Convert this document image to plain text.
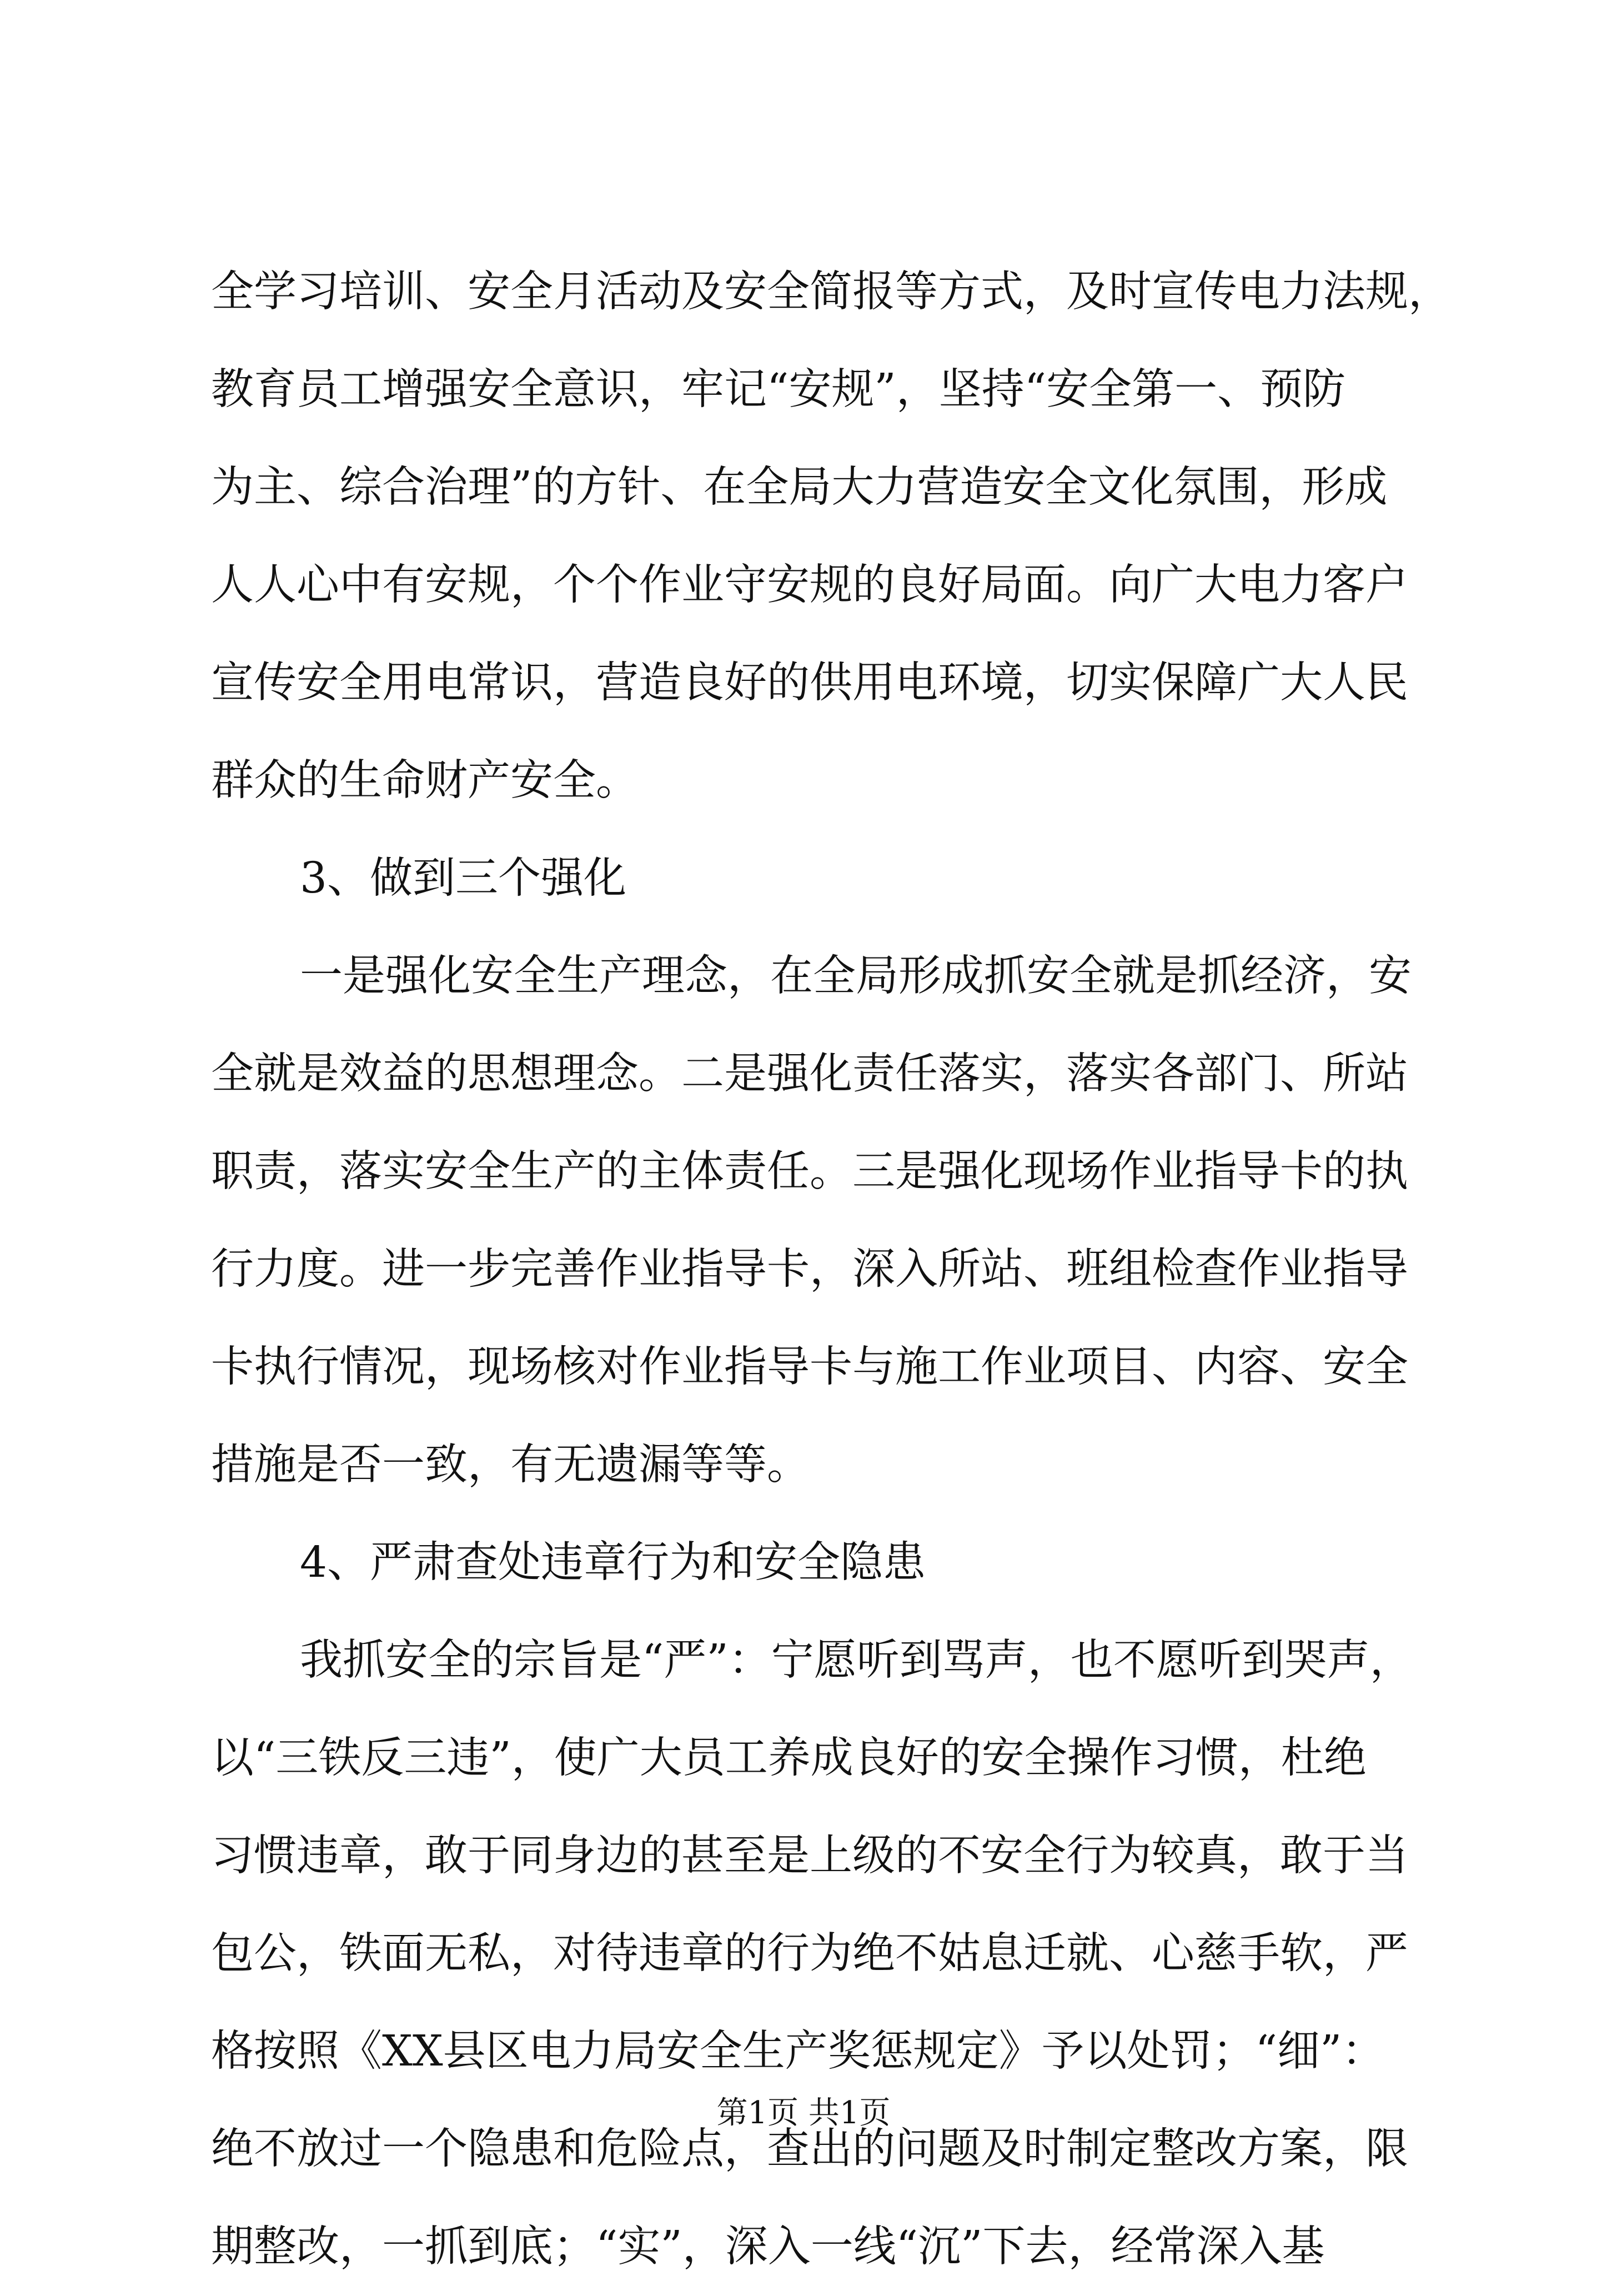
全学习培训、安全月活动及安全简报等方式，及时宣传电力法规，
教育员工增强安全意识，牢记“安规”，坚持“安全第一、预防
为主、综合治理”的方针、在全局大力营造安全文化氛围，形成
人人心中有安规，个个作业守安规的良好局面。向广大电力客户
宣传安全用电常识，营造良好的供用电环境，切实保障广大人民
群众的生命财产安全。
3、做到三个强化
一是强化安全生产理念，在全局形成抓安全就是抓经济，安
全就是效益的思想理念。二是强化责任落实，落实各部门、所站
职责，落实安全生产的主体责任。三是强化现场作业指导卡的执
行力度。进一步完善作业指导卡，深入所站、班组检查作业指导
卡执行情况，现场核对作业指导卡与施工作业项目、内容、安全
措施是否一致，有无遗漏等等。
4、严肃查处违章行为和安全隐患
我抓安全的宗旨是“严”：宁愿听到骂声，也不愿听到哭声，
以“三铁反三违”，使广大员工养成良好的安全操作习惯，杜绝
习惯违章，敢于同身边的甚至是上级的不安全行为较真，敢于当
包公，铁面无私，对待违章的行为绝不姑息迁就、心慈手软，严
格按照《XX县区电力局安全生产奖惩规定》予以处罚；“细”：
绝不放过一个隐患和危险点，查出的问题及时制定整改方案，限
期整改，一抓到底；“实”，深入一线“沉”下去，经常深入基
第1页 共1页
